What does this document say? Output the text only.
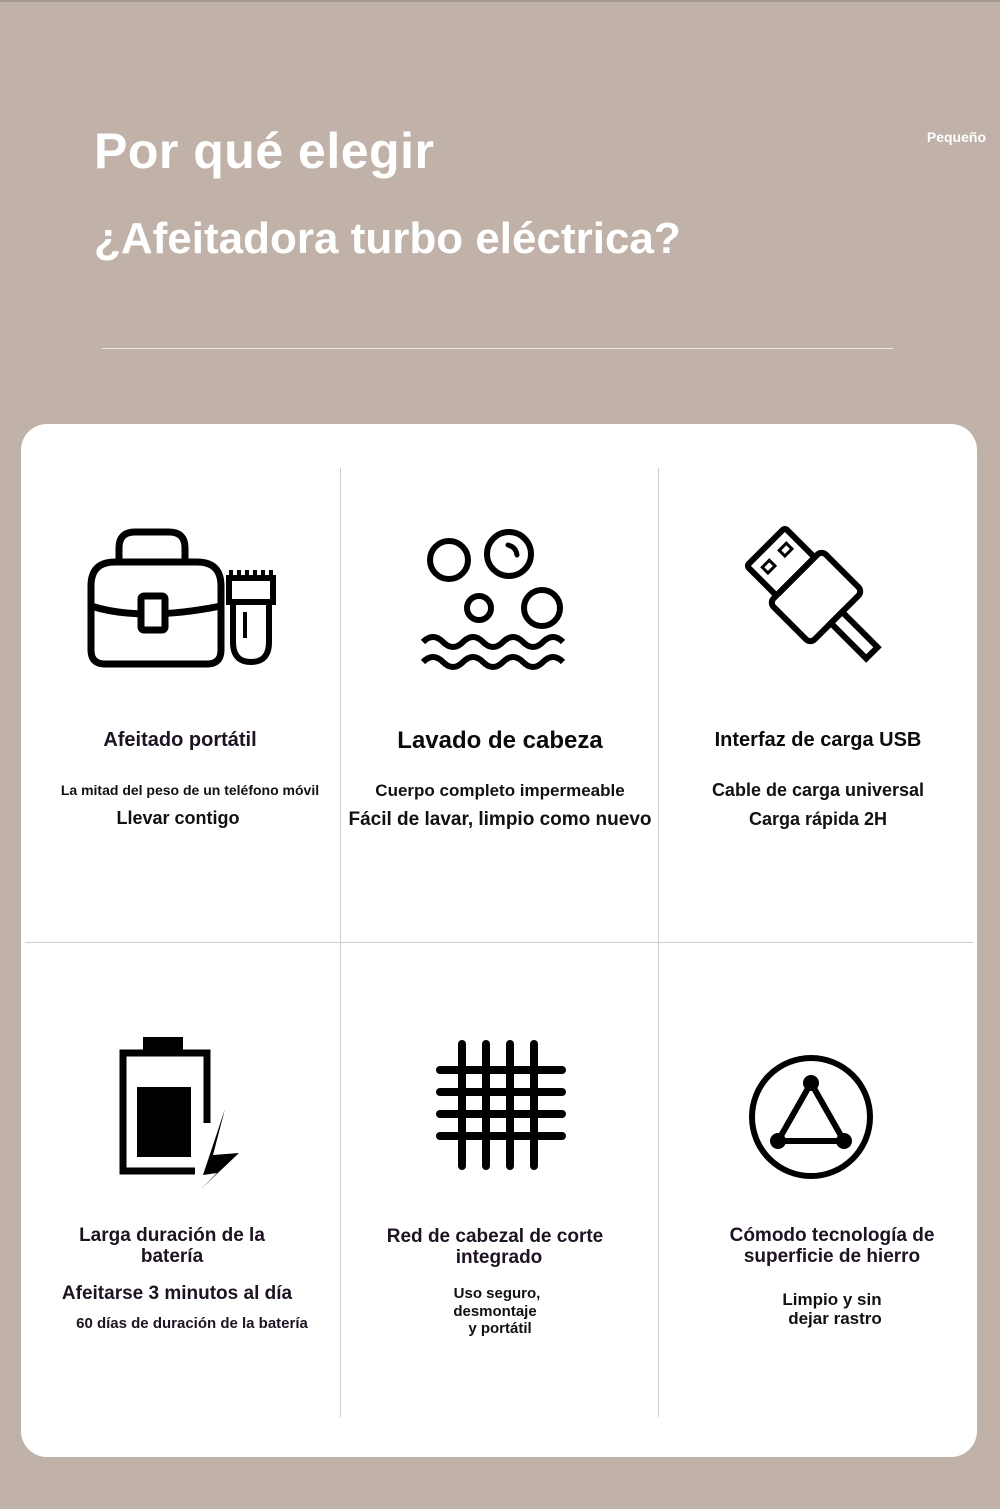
Pequeño
Por qué elegir
¿Afeitadora turbo eléctrica?
Afeitado portátil
La mitad del peso de un teléfono móvil
Llevar contigo
Lavado de cabeza
Cuerpo completo impermeable
Fácil de lavar, limpio como nuevo
Interfaz de carga USB
Cable de carga universal
Carga rápida 2H
Larga duración de la
batería
Afeitarse 3 minutos al día
60 días de duración de la batería
Red de cabezal de corte
integrado
Uso seguro,
desmontaje
y portátil
Cómodo tecnología de
superficie de hierro
Limpio y sin
dejar rastro
